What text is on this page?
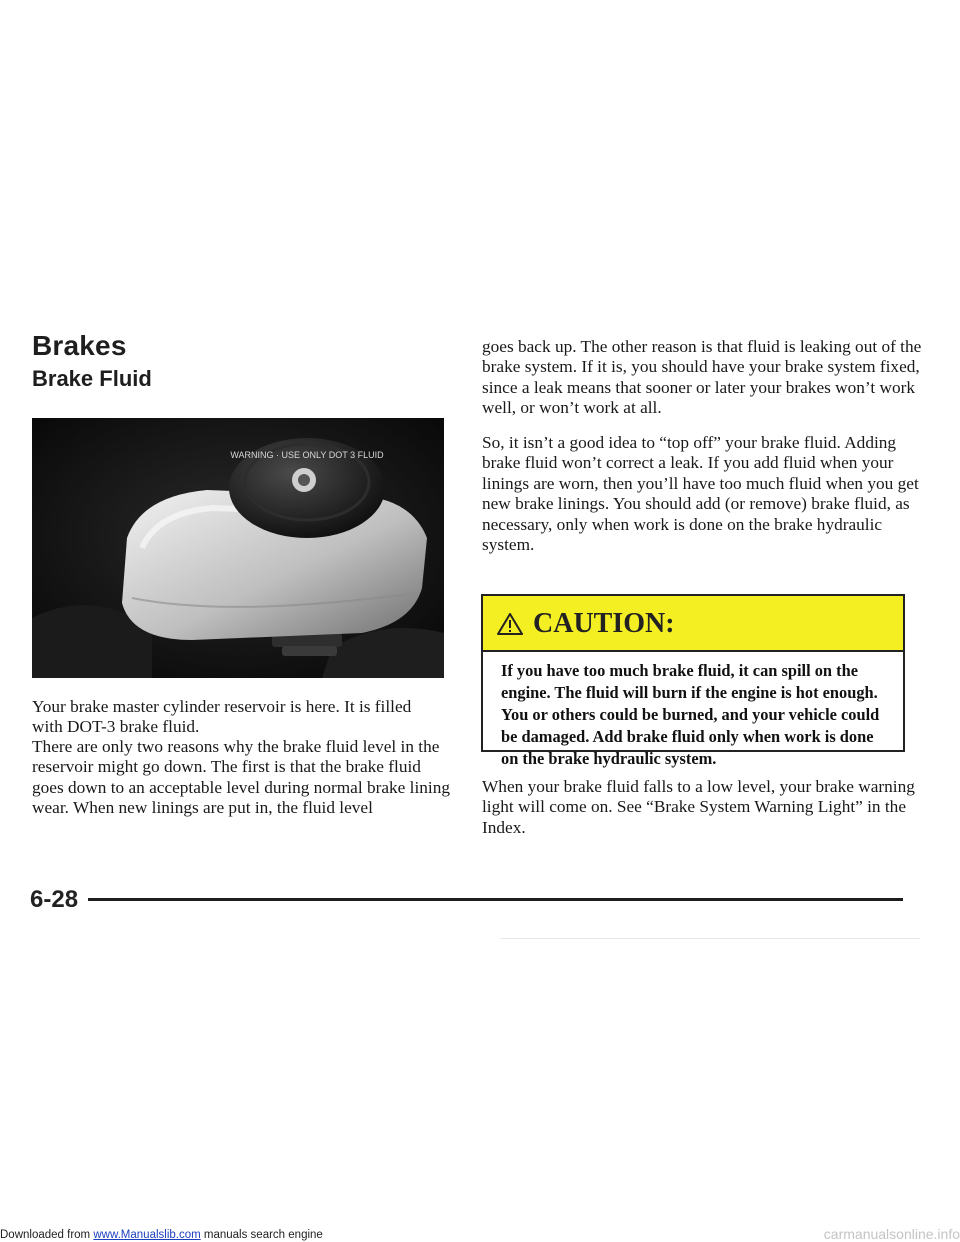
Brakes
Brake Fluid
WARNING · USE ONLY DOT 3 FLUID

Your brake master cylinder reservoir is here. It is filled with DOT-3 brake fluid.

There are only two reasons why the brake fluid level in the reservoir might go down. The first is that the brake fluid goes down to an acceptable level during normal brake lining wear. When new linings are put in, the fluid level

goes back up. The other reason is that fluid is leaking out of the brake system. If it is, you should have your brake system fixed, since a leak means that sooner or later your brakes won’t work well, or won’t work at all.

So, it isn’t a good idea to “top off” your brake fluid. Adding brake fluid won’t correct a leak. If you add fluid when your linings are worn, then you’ll have too much fluid when you get new brake linings. You should add (or remove) brake fluid, as necessary, only when work is done on the brake hydraulic system.

CAUTION:

If you have too much brake fluid, it can spill on the engine. The fluid will burn if the engine is hot enough. You or others could be burned, and your vehicle could be damaged. Add brake fluid only when work is done on the brake hydraulic system.

When your brake fluid falls to a low level, your brake warning light will come on. See “Brake System Warning Light” in the Index.

6-28
Downloaded from www.Manualslib.com manuals search engine	carmanualsonline.info
